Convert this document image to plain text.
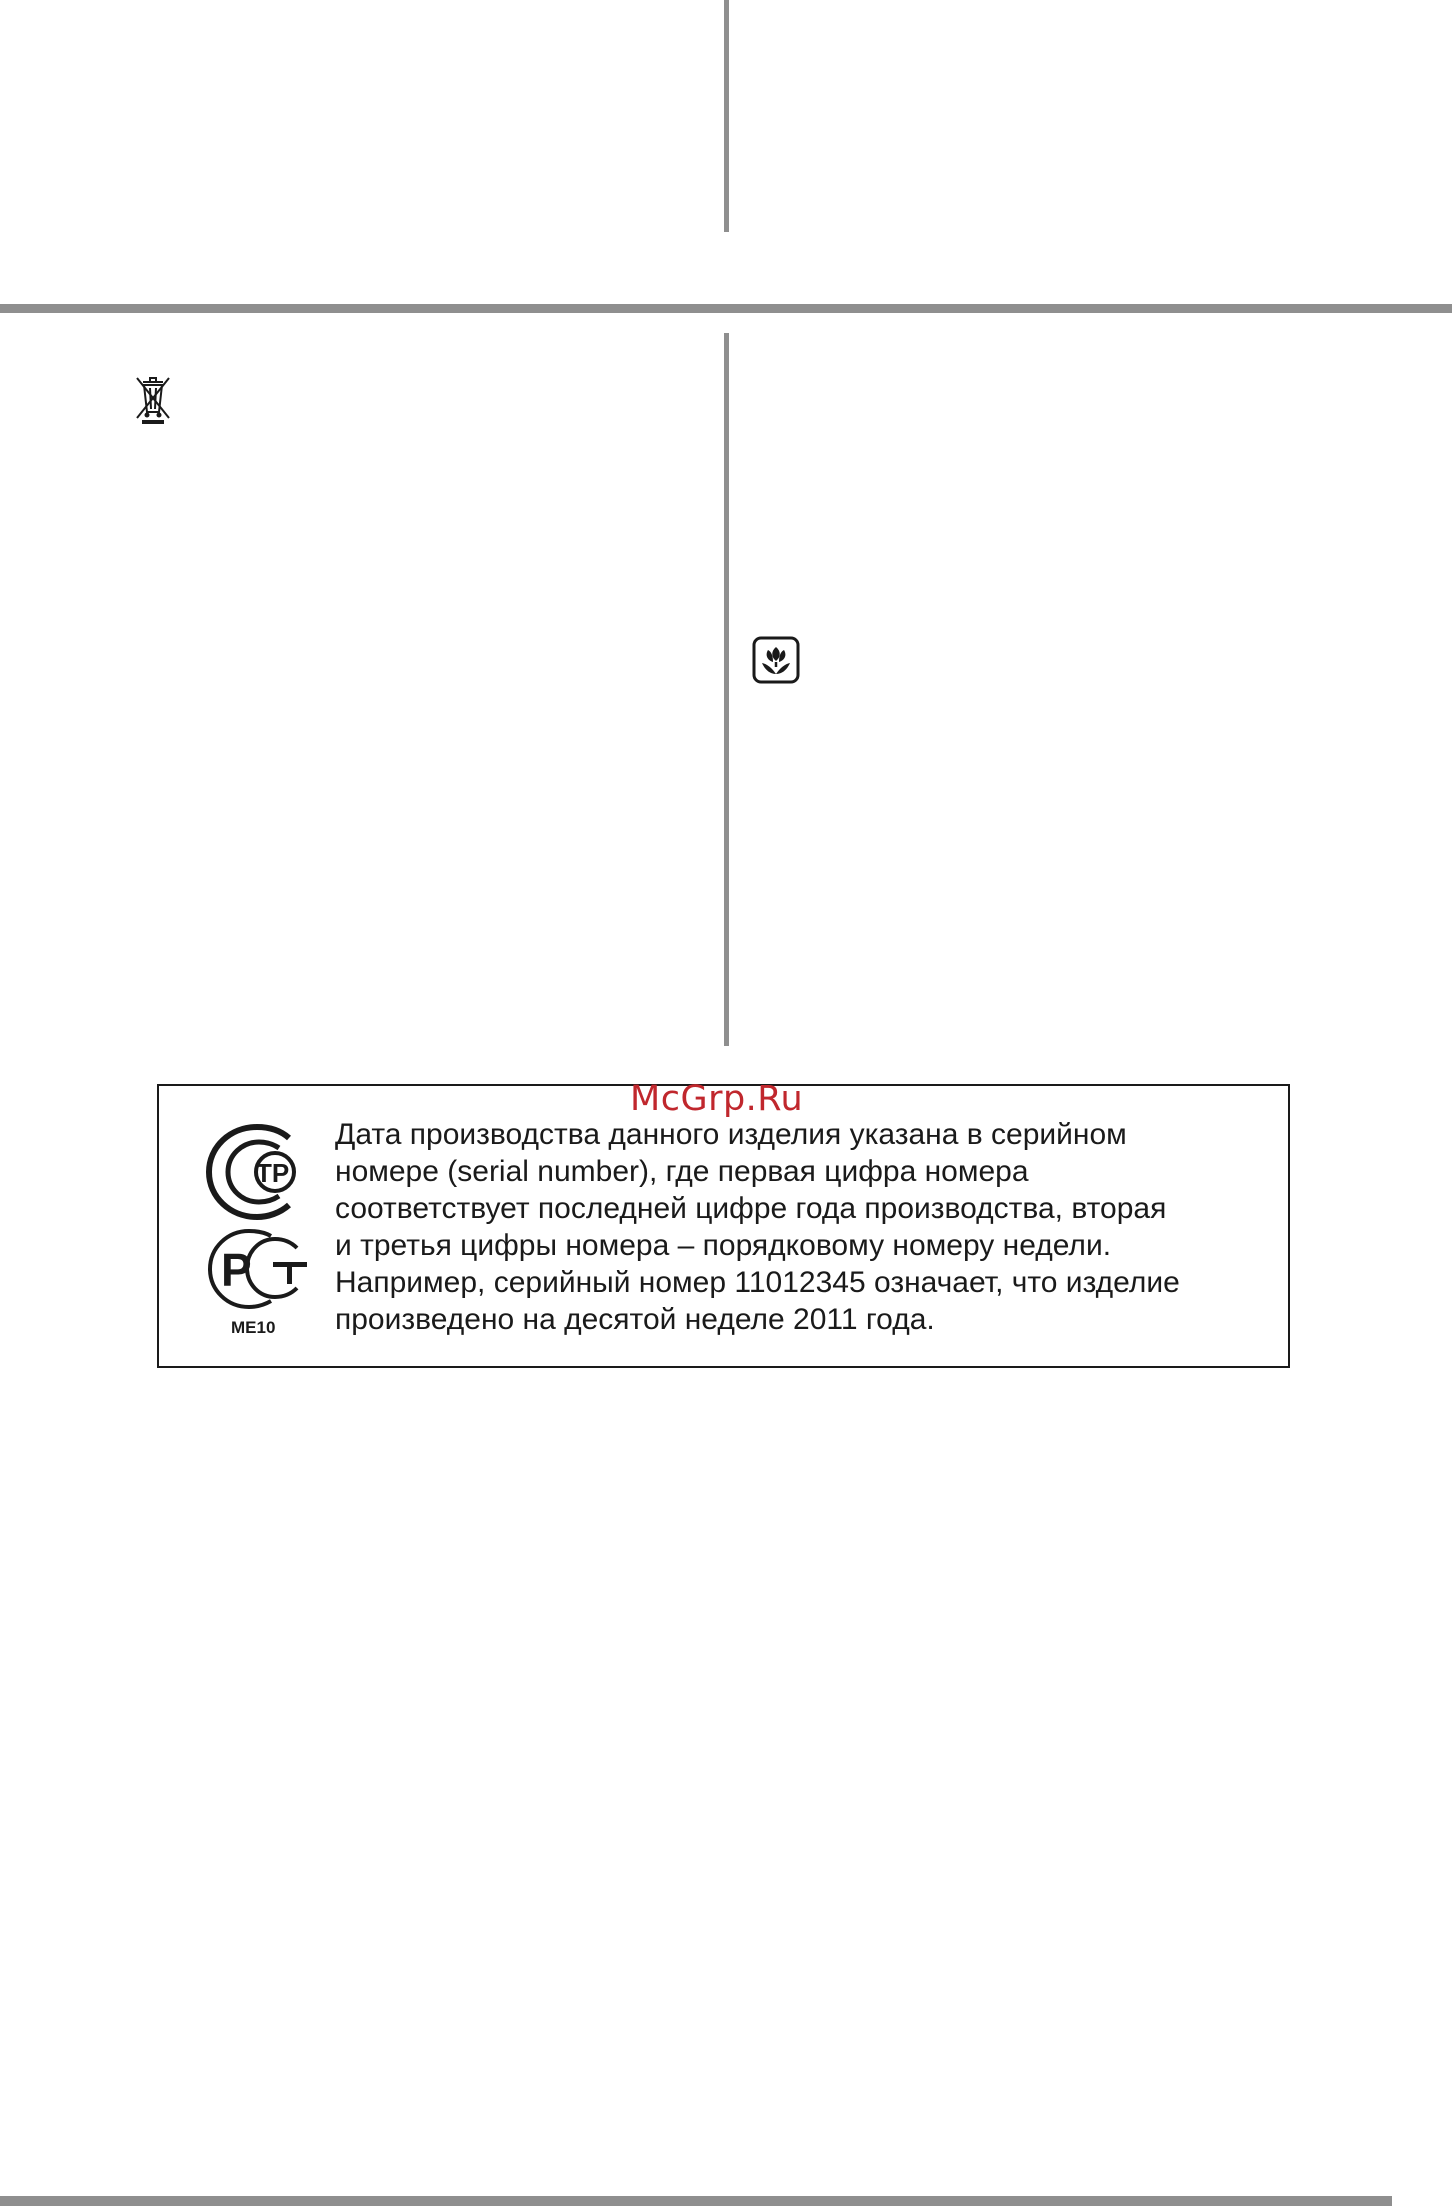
ТР
Р
ME10

Дата производства данного изделия указана в серийном
номере (serial number), где первая цифра номера
соответствует последней цифре года производства, вторая
и третья цифры номера – порядковому номеру недели.
Например, серийный номер 11012345 означает, что изделие
произведено на десятой неделе 2011 года.

McGrp.Ru
